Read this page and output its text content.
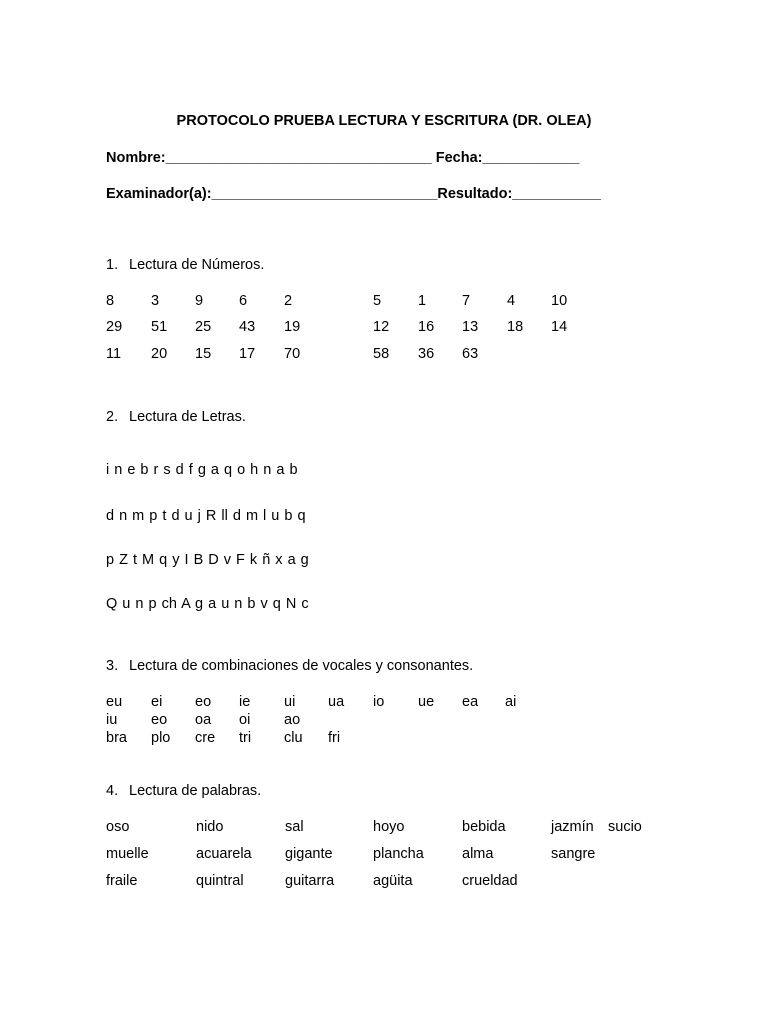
PROTOCOLO PRUEBA LECTURA Y ESCRITURA (DR. OLEA)
Nombre:_________________________________ Fecha:____________
Examinador(a):____________________________Resultado:___________
1. Lectura de Números.
8	3 9 6	2	5	1 7	4 10
29 51 25 43 19	12 16 13 18 14
11 20 15 17 70	58 36 63
2. Lectura de Letras.
i n e b r s d f g a q o h n a b
d n m p t d u j R ll d m l u b q
p Z t M q y I B D v F k ñ x a g
Q u n p ch A g a u n b v q N c
3. Lectura de combinaciones de vocales y consonantes.
eu ei eo ie ui ua io ue ea ai
iu eo oa oi ao
bra plo cre tri clu fri
4. Lectura de palabras.
oso	nido	sal	hoyo	bebida	jazmín sucio
muelle	acuarela gigante	plancha	alma	sangre
fraile	quintral	guitarra	agüita	crueldad
